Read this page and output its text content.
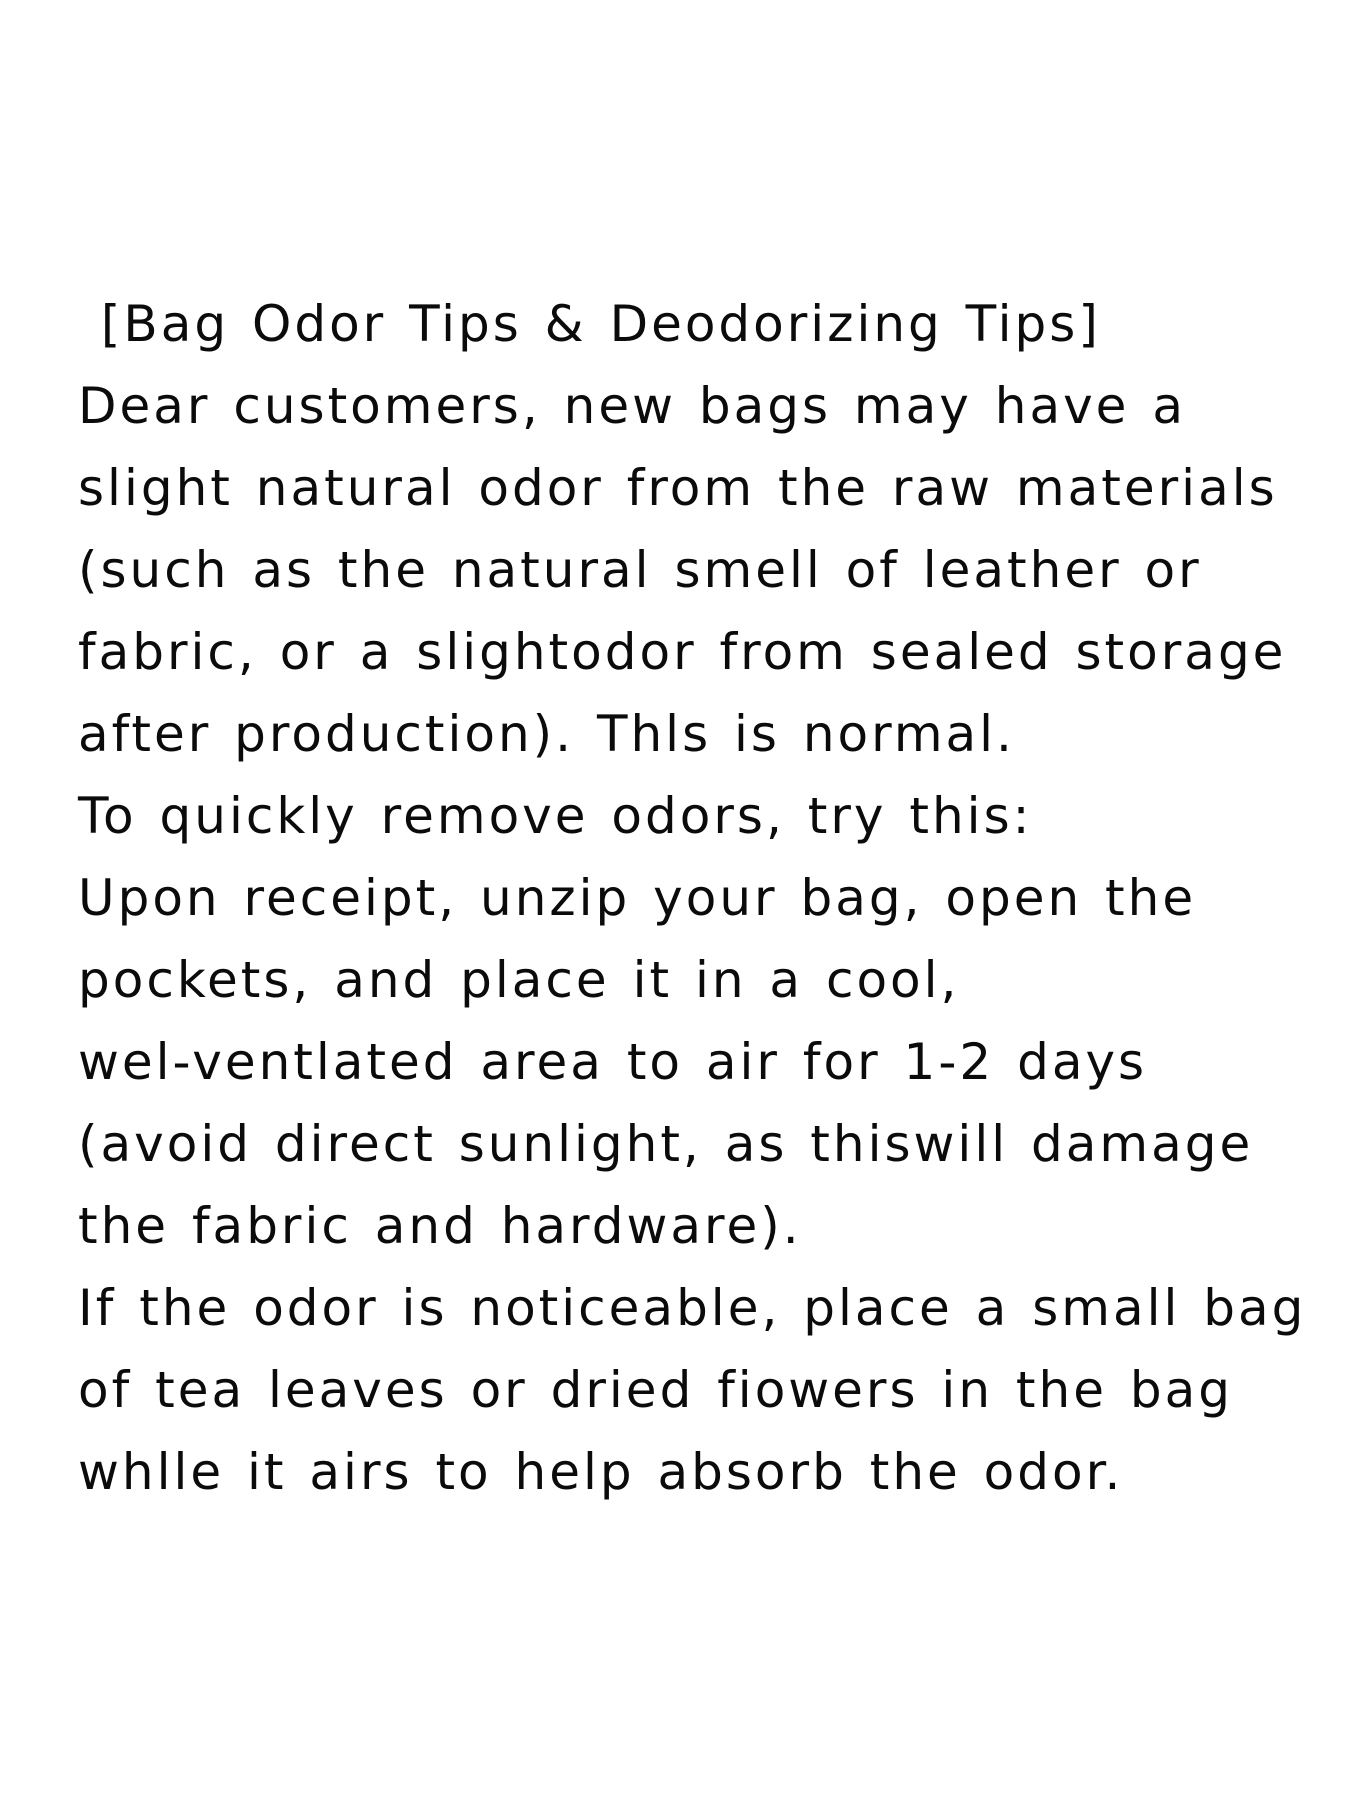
[Bag Odor Tips & Deodorizing Tips]
Dear customers, new bags may have a
slight natural odor from the raw materials
(such as the natural smell of leather or
fabric, or a slightodor from sealed storage
after production). Thls is normal.
To quickly remove odors, try this:
Upon receipt, unzip your bag, open the
pockets, and place it in a cool,
wel-ventlated area to air for 1-2 days
(avoid direct sunlight, as thiswill damage
the fabric and hardware).
If the odor is noticeable, place a small bag
of tea leaves or dried fiowers in the bag
whlle it airs to help absorb the odor.
